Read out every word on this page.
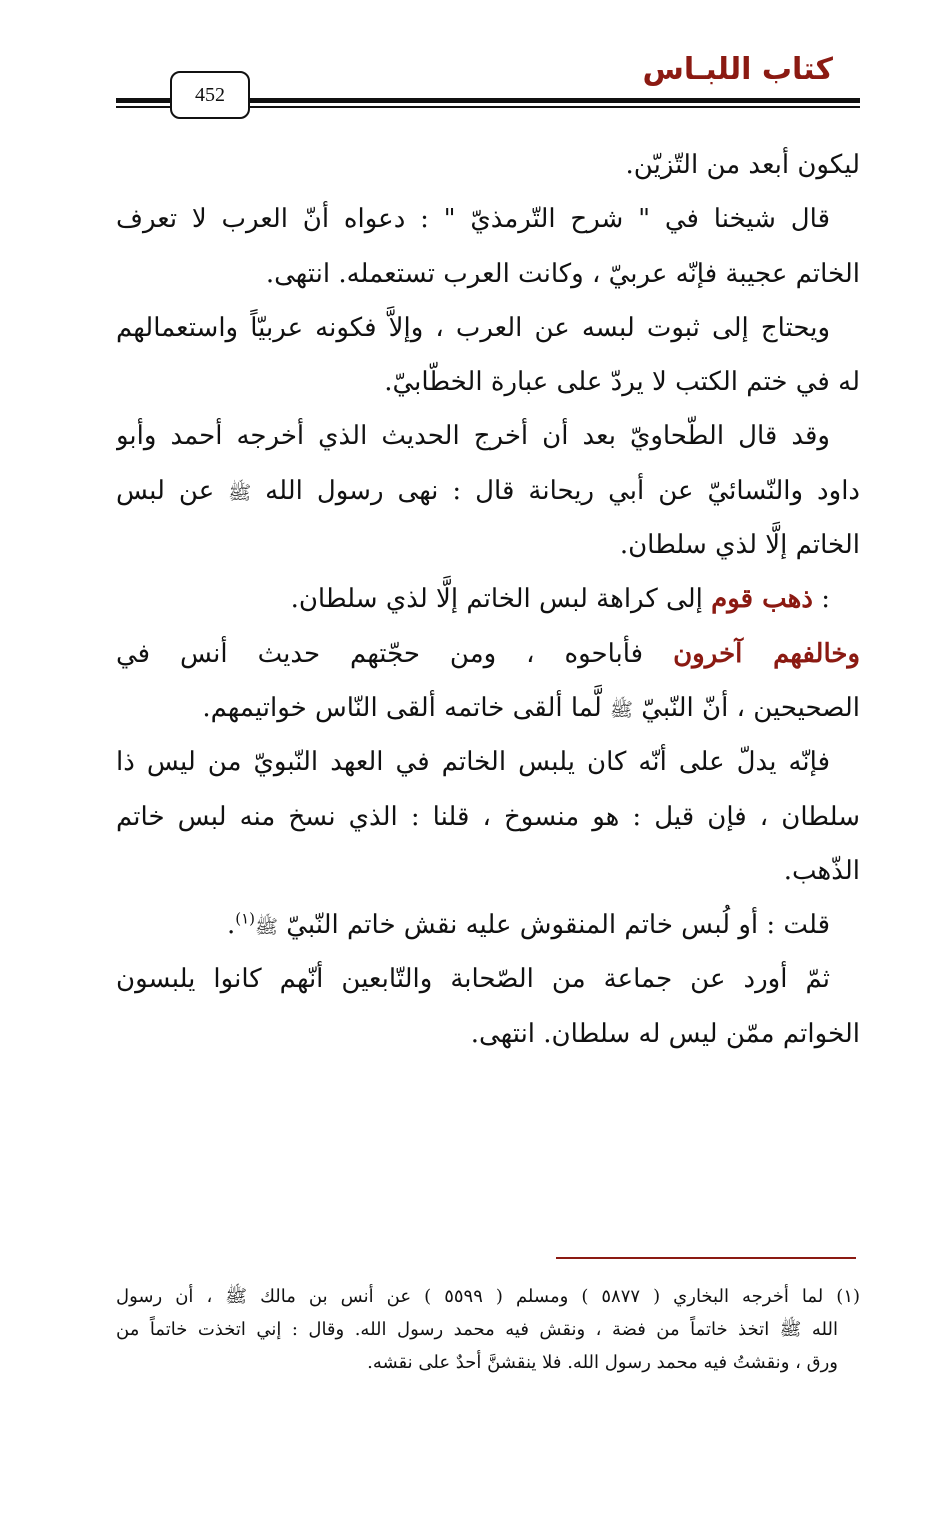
كتاب اللبـاس
452
ليكون أبعد من التّزيّن.
قال شيخنا في " شرح التّرمذيّ " : دعواه أنّ العرب لا تعرف
الخاتم عجيبة فإنّه عربيّ ، وكانت العرب تستعمله. انتهى.
ويحتاج إلى ثبوت لبسه عن العرب ، وإلاَّ فكونه عربيّاً واستعمالهم
له في ختم الكتب لا يردّ على عبارة الخطّابيّ.
وقد قال الطّحاويّ بعد أن أخرج الحديث الذي أخرجه أحمد وأبو
داود والنّسائيّ عن أبي ريحانة قال : نهى رسول الله ﷺ عن لبس
الخاتم إلَّا لذي سلطان.
: ذهب قوم إلى كراهة لبس الخاتم إلَّا لذي سلطان.
وخالفهم آخرون فأباحوه ، ومن حجّتهم حديث أنس في
الصحيحين ، أنّ النّبيّ ﷺ لَّما ألقى خاتمه ألقى النّاس خواتيمهم.
فإنّه يدلّ على أنّه كان يلبس الخاتم في العهد النّبويّ من ليس ذا
سلطان ، فإن قيل : هو منسوخ ، قلنا : الذي نسخ منه لبس خاتم
الذّهب.
قلت : أو لُبس خاتم المنقوش عليه نقش خاتم النّبيّ ﷺ$^{(١)}$.
ثمّ أورد عن جماعة من الصّحابة والتّابعين أنّهم كانوا يلبسون
الخواتم ممّن ليس له سلطان. انتهى.
(١) لما أخرجه البخاري ( ٥٨٧٧ ) ومسلم ( ٥٥٩٩ ) عن أنس بن مالك ﷺ ، أن رسول
الله ﷺ اتخذ خاتماً من فضة ، ونقش فيه محمد رسول الله. وقال : إني اتخذت خاتماً من
ورق ، ونقشتُ فيه محمد رسول الله. فلا ينقشنَّ أحدٌ على نقشه.
